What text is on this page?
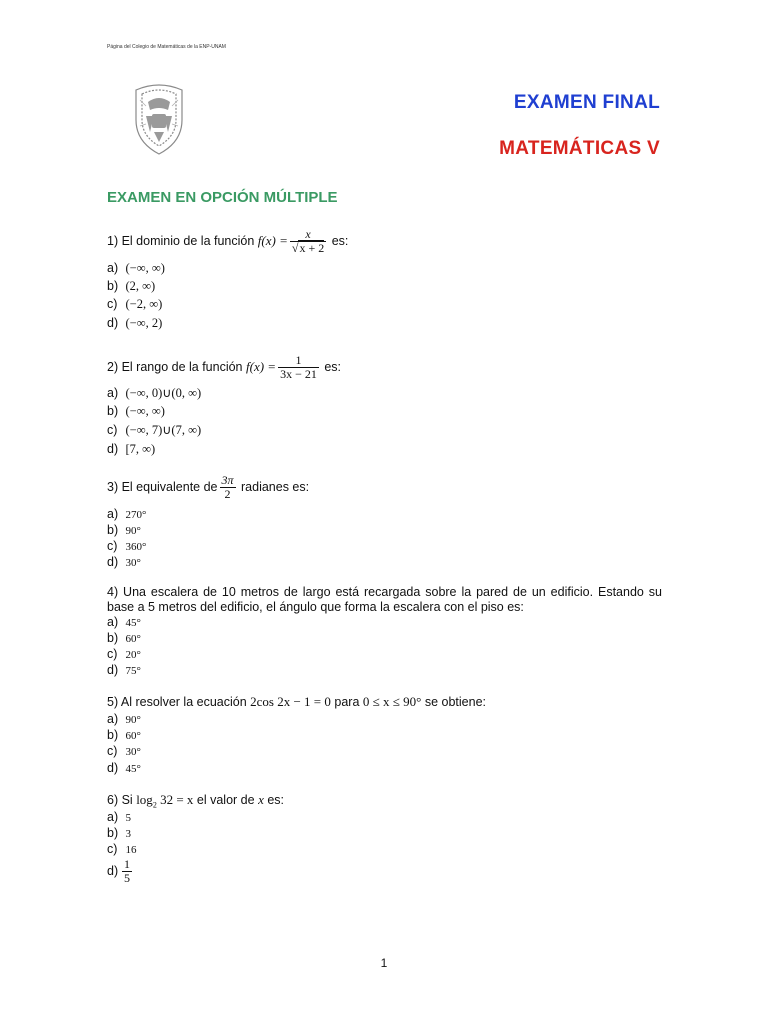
Página del Colegio de Matemáticas de la ENP-UNAM
EXAMEN FINAL
MATEMÁTICAS V
EXAMEN EN OPCIÓN MÚLTIPLE
1) El dominio de la función $f(x) = \frac{x}{√x + 2}$ es:
a) (−∞, ∞)
b) (2, ∞)
c) (−2, ∞)
d) (−∞, 2)
2) El rango de la función $f(x) = \frac{1}{3x - 21}$ es:
a) (−∞, 0)∪(0, ∞)
b) (−∞, ∞)
c) (−∞, 7)∪(7, ∞)
d) [7, ∞)
3) El equivalente de $\frac{3\pi}{2}$ radianes es:
a) 270°
b) 90°
c) 360°
d) 30°
4) Una escalera de 10 metros de largo está recargada sobre la pared de un edificio. Estando su base a 5 metros del edificio, el ángulo que forma la escalera con el piso es:
a) 45°
b) 60°
c) 20°
d) 75°
5) Al resolver la ecuación 2cos 2x − 1 = 0 para 0 ≤ x ≤ 90° se obtiene:
a) 90°
b) 60°
c) 30°
d) 45°
6) Si $\log_2 32 = x$ el valor de x es:
a) 5
b) 3
c) 16
$d) \frac{1}{5}$
1
